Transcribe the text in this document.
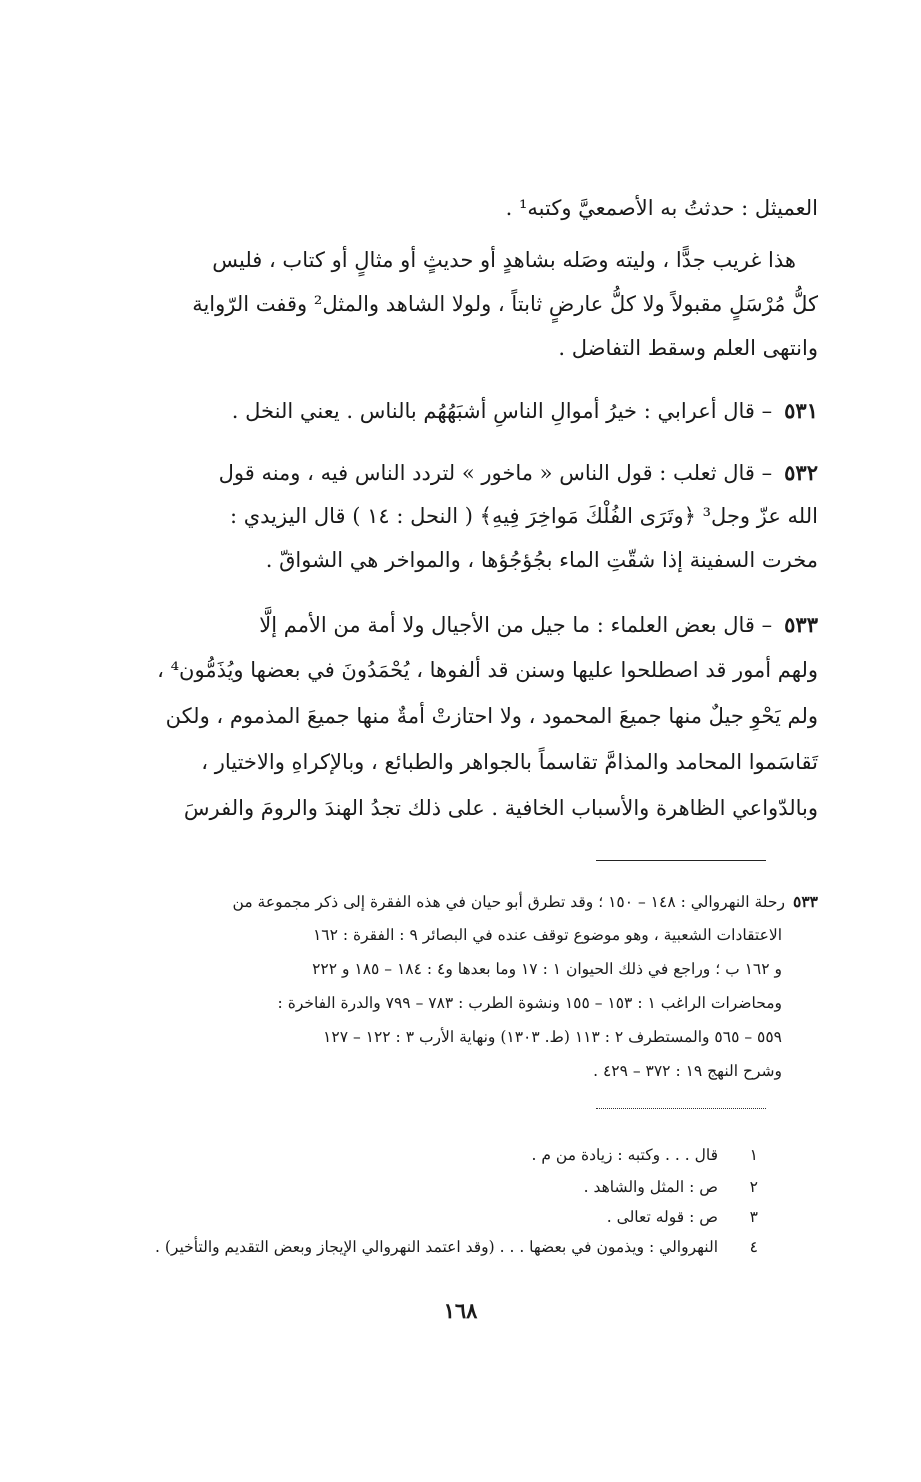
العميثل : حدثتُ به الأصمعيَّ وكتبه¹ .
هذا غريب جدًّا ، وليته وصَله بشاهدٍ أو حديثٍ أو مثالٍ أو كتاب ، فليس
كلُّ مُرْسَلٍ مقبولاً ولا كلُّ عارضٍ ثابتاً ، ولولا الشاهد والمثل² وقفت الرّواية
وانتهى العلم وسقط التفاضل .
٥٣١– قال أعرابي : خيرُ أموالِ الناسِ أشبَهُهُم بالناس . يعني النخل .
٥٣٢– قال ثعلب : قول الناس « ماخور » لتردد الناس فيه ، ومنه قول
الله عزّ وجل³ ﴿وتَرَى الفُلْكَ مَواخِرَ فِيهِ﴾ ( النحل : ١٤ ) قال اليزيدي :
مخرت السفينة إذا شقّتِ الماء بجُؤجُؤها ، والمواخر هي الشواقّ .
٥٣٣– قال بعض العلماء : ما جيل من الأجيال ولا أمة من الأمم إلَّا
ولهم أمور قد اصطلحوا عليها وسنن قد ألفوها ، يُحْمَدُونَ في بعضها ويُذَمُّون⁴ ،
ولم يَحْوِ جيلٌ منها جميعَ المحمود ، ولا احتازتْ أمةٌ منها جميعَ المذموم ، ولكن
تَقاسَموا المحامد والمذامَّ تقاسماً بالجواهر والطبائع ، وبالإكراهِ والاختيار ،
وبالدّواعي الظاهرة والأسباب الخافية . على ذلك تجدُ الهندَ والرومَ والفرسَ
٥٣٣رحلة النهروالي : ١٤٨ – ١٥٠ ؛ وقد تطرق أبو حيان في هذه الفقرة إلى ذكر مجموعة من
الاعتقادات الشعبية ، وهو موضوع توقف عنده في البصائر ٩ : الفقرة : ١٦٢
و ١٦٢ ب ؛ وراجع في ذلك الحيوان ١ : ١٧ وما بعدها و٤ : ١٨٤ – ١٨٥ و ٢٢٢
ومحاضرات الراغب ١ : ١٥٣ – ١٥٥ ونشوة الطرب : ٧٨٣ – ٧٩٩ والدرة الفاخرة :
٥٥٩ – ٥٦٥ والمستطرف ٢ : ١١٣ (ط. ١٣٠٣) ونهاية الأرب ٣ : ١٢٢ – ١٢٧
وشرح النهج ١٩ : ٣٧٢ – ٤٢٩ .
١
قال . . . وكتبه : زيادة من م .
٢
ص : المثل والشاهد .
٣
ص : قوله تعالى .
٤
النهروالي : ويذمون في بعضها . . . (وقد اعتمد النهروالي الإيجاز وبعض التقديم والتأخير) .
١٦٨
